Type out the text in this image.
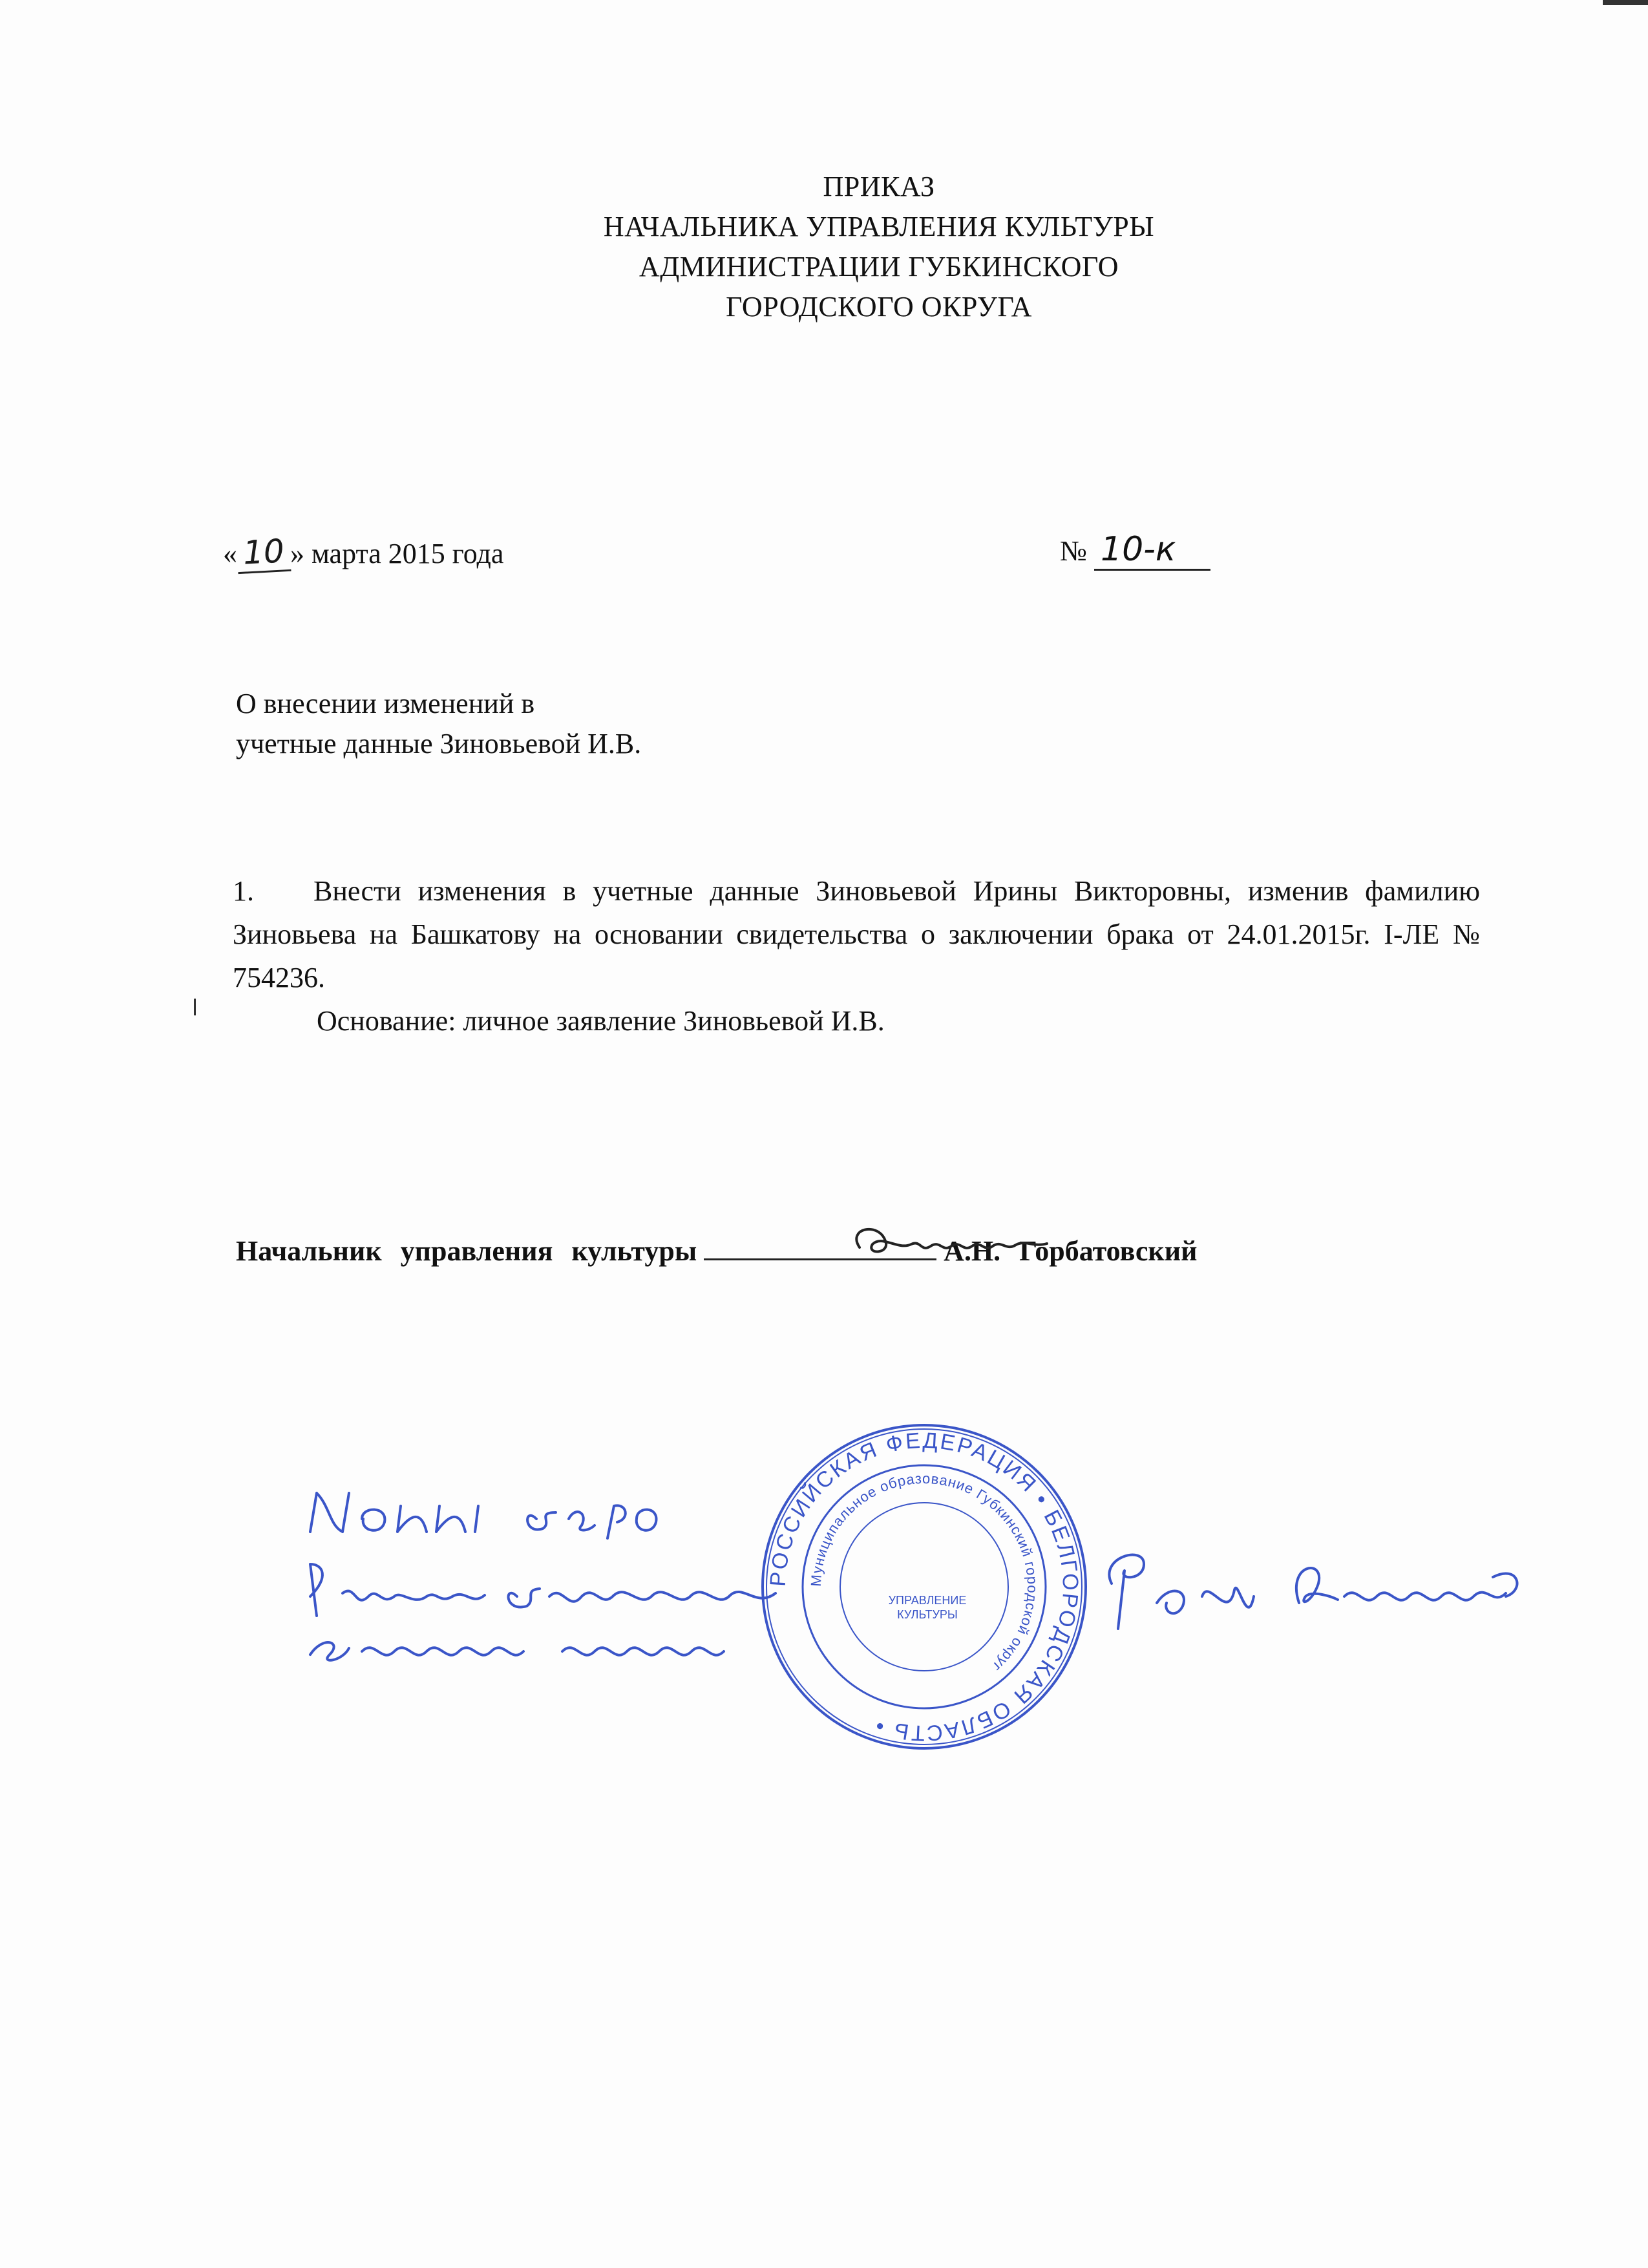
ПРИКАЗ
НАЧАЛЬНИКА УПРАВЛЕНИЯ КУЛЬТУРЫ
АДМИНИСТРАЦИИ ГУБКИНСКОГО
ГОРОДСКОГО ОКРУГА
« 10 » марта 2015 года	№ 10-к
О внесении изменений в
учетные данные Зиновьевой И.В.

1. Внести изменения в учетные данные Зиновьевой Ирины Викторовны, изменив фамилию Зиновьева на Башкатову на основании свидетельства о заключении брака от 24.01.2015г. I-ЛЕ № 754236.

Основание: личное заявление Зиновьевой И.В.

Начальник управления культуры	А.Н. Горбатовский
РОССИЙСКАЯ ФЕДЕРАЦИЯ • БЕЛГОРОДСКАЯ ОБЛАСТЬ •
Муниципальное образование Губкинский городской округ
УПРАВЛЕНИЕ
КУЛЬТУРЫ
